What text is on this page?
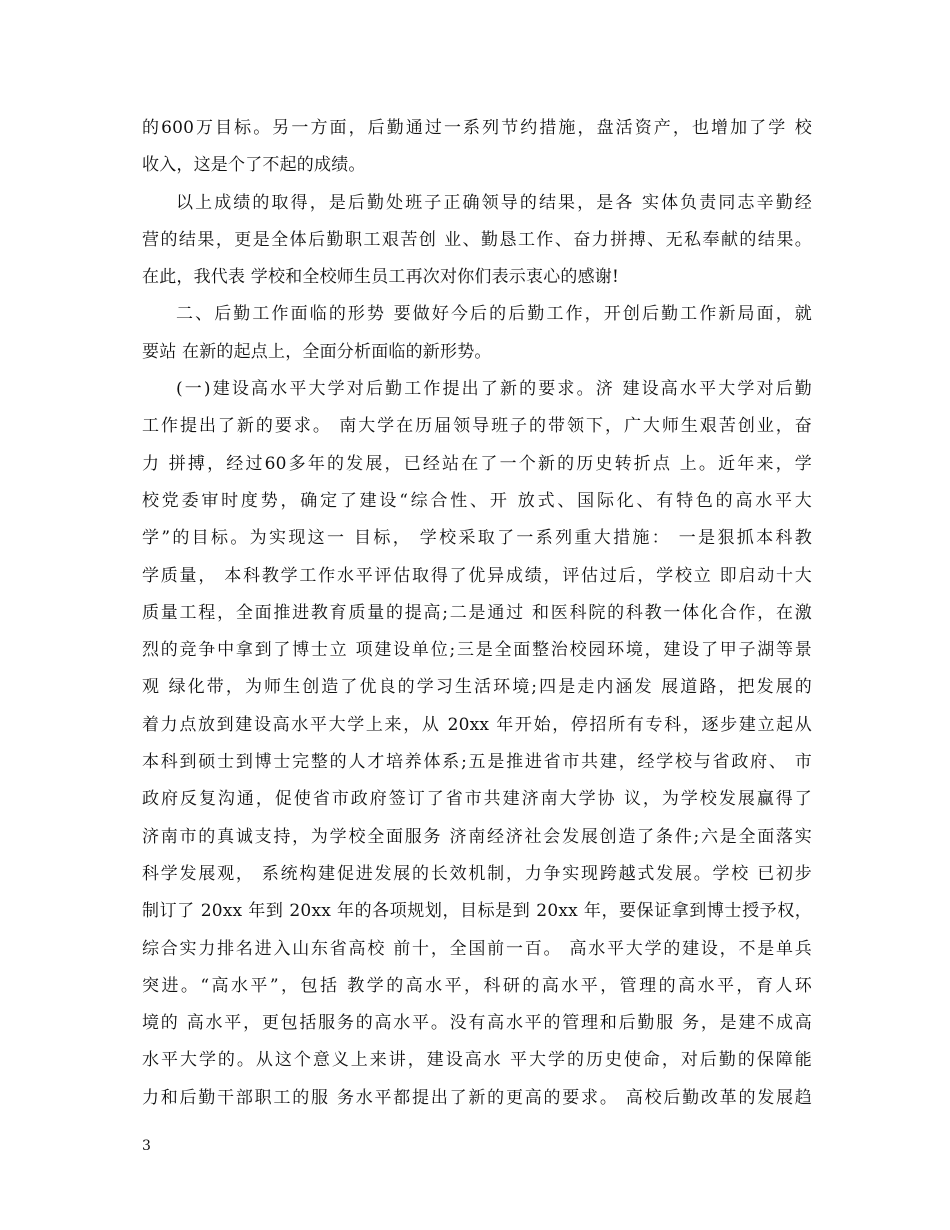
的600万目标。另一方面，后勤通过一系列节约措施，盘活资产，也增加了学 校
收入，这是个了不起的成绩。
以上成绩的取得，是后勤处班子正确领导的结果，是各 实体负责同志辛勤经
营的结果，更是全体后勤职工艰苦创 业、勤恳工作、奋力拼搏、无私奉献的结果。
在此，我代表 学校和全校师生员工再次对你们表示衷心的感谢!
二、后勤工作面临的形势 要做好今后的后勤工作，开创后勤工作新局面，就
要站 在新的起点上，全面分析面临的新形势。
(一)建设高水平大学对后勤工作提出了新的要求。济 建设高水平大学对后勤
工作提出了新的要求。 南大学在历届领导班子的带领下，广大师生艰苦创业，奋
力 拼搏，经过60多年的发展，已经站在了一个新的历史转折点 上。近年来，学
校党委审时度势，确定了建设“综合性、开 放式、国际化、有特色的高水平大
学”的目标。为实现这一 目标， 学校采取了一系列重大措施： 一是狠抓本科教
学质量， 本科教学工作水平评估取得了优异成绩，评估过后，学校立 即启动十大
质量工程，全面推进教育质量的提高;二是通过 和医科院的科教一体化合作，在激
烈的竞争中拿到了博士立 项建设单位;三是全面整治校园环境，建设了甲子湖等景
观 绿化带，为师生创造了优良的学习生活环境;四是走内涵发 展道路，把发展的
着力点放到建设高水平大学上来，从 20xx 年开始，停招所有专科，逐步建立起从
本科到硕士到博士完整的人才培养体系;五是推进省市共建，经学校与省政府、 市
政府反复沟通，促使省市政府签订了省市共建济南大学协 议，为学校发展赢得了
济南市的真诚支持，为学校全面服务 济南经济社会发展创造了条件;六是全面落实
科学发展观， 系统构建促进发展的长效机制，力争实现跨越式发展。学校 已初步
制订了 20xx 年到 20xx 年的各项规划，目标是到 20xx 年，要保证拿到博士授予权，
综合实力排名进入山东省高校 前十，全国前一百。 高水平大学的建设，不是单兵
突进。“高水平”，包括 教学的高水平，科研的高水平，管理的高水平，育人环
境的 高水平，更包括服务的高水平。没有高水平的管理和后勤服 务，是建不成高
水平大学的。从这个意义上来讲，建设高水 平大学的历史使命，对后勤的保障能
力和后勤干部职工的服 务水平都提出了新的更高的要求。 高校后勤改革的发展趋
3
